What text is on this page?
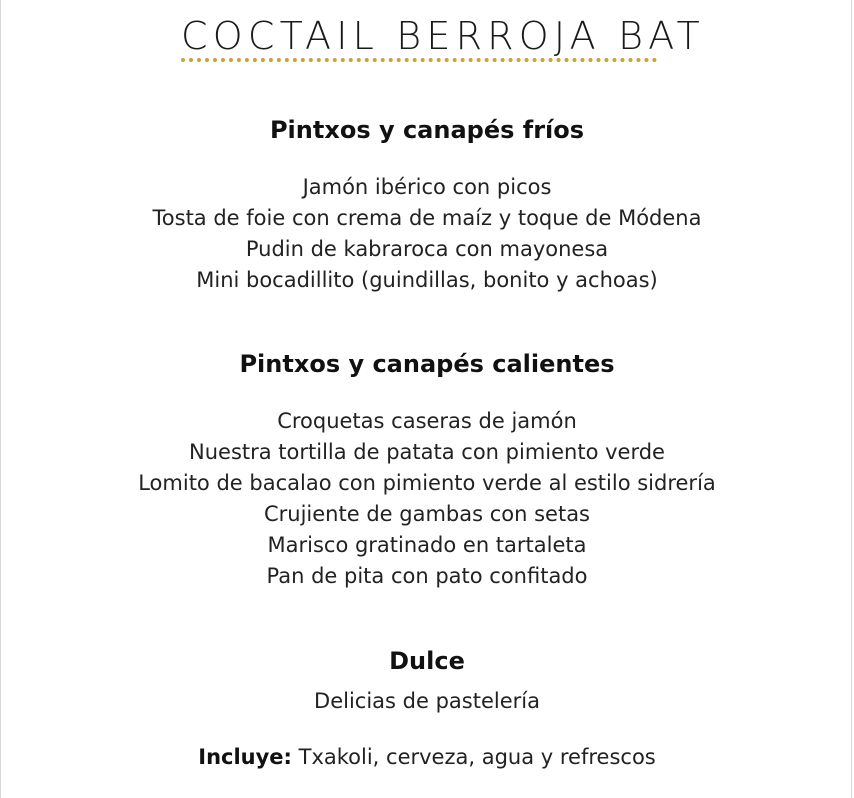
COCTAIL BERROJA BAT
Pintxos y canapés fríos
Jamón ibérico con picos
Tosta de foie con crema de maíz y toque de Módena
Pudin de kabraroca con mayonesa
Mini bocadillito (guindillas, bonito y achoas)
Pintxos y canapés calientes
Croquetas caseras de jamón
Nuestra tortilla de patata con pimiento verde
Lomito de bacalao con pimiento verde al estilo sidrería
Crujiente de gambas con setas
Marisco gratinado en tartaleta
Pan de pita con pato confitado
Dulce
Delicias de pastelería
Incluye: Txakoli, cerveza, agua y refrescos
